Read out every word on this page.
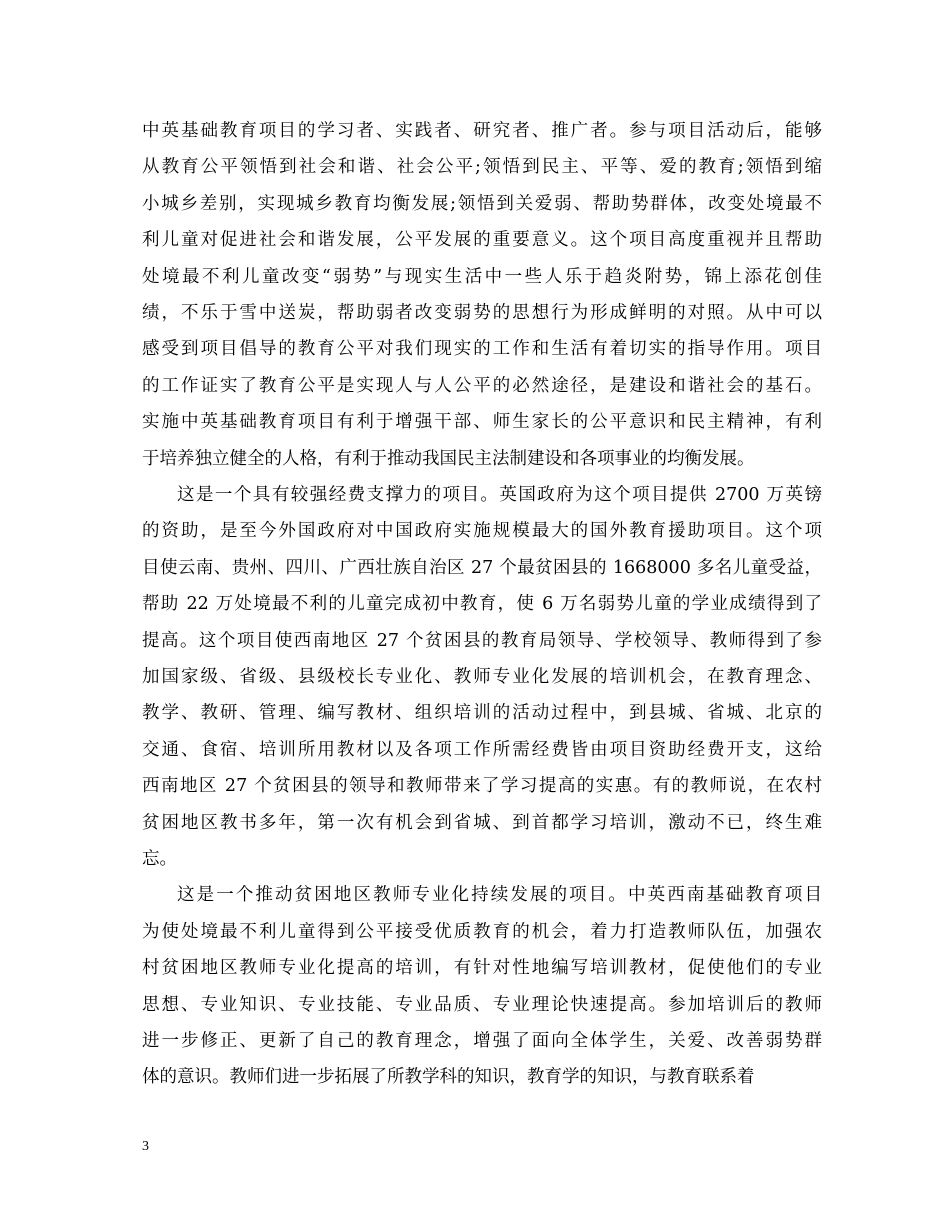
中英基础教育项目的学习者、实践者、研究者、推广者。参与项目活动后，能够
从教育公平领悟到社会和谐、社会公平;领悟到民主、平等、爱的教育;领悟到缩
小城乡差别，实现城乡教育均衡发展;领悟到关爱弱、帮助势群体，改变处境最不
利儿童对促进社会和谐发展，公平发展的重要意义。这个项目高度重视并且帮助
处境最不利儿童改变“弱势”与现实生活中一些人乐于趋炎附势，锦上添花创佳
绩，不乐于雪中送炭，帮助弱者改变弱势的思想行为形成鲜明的对照。从中可以
感受到项目倡导的教育公平对我们现实的工作和生活有着切实的指导作用。项目
的工作证实了教育公平是实现人与人公平的必然途径，是建设和谐社会的基石。
实施中英基础教育项目有利于增强干部、师生家长的公平意识和民主精神，有利
于培养独立健全的人格，有利于推动我国民主法制建设和各项事业的均衡发展。
这是一个具有较强经费支撑力的项目。英国政府为这个项目提供 2700 万英镑
的资助，是至今外国政府对中国政府实施规模最大的国外教育援助项目。这个项
目使云南、贵州、四川、广西壮族自治区 27 个最贫困县的 1668000 多名儿童受益，
帮助 22 万处境最不利的儿童完成初中教育，使 6 万名弱势儿童的学业成绩得到了
提高。这个项目使西南地区 27 个贫困县的教育局领导、学校领导、教师得到了参
加国家级、省级、县级校长专业化、教师专业化发展的培训机会，在教育理念、
教学、教研、管理、编写教材、组织培训的活动过程中，到县城、省城、北京的
交通、食宿、培训所用教材以及各项工作所需经费皆由项目资助经费开支，这给
西南地区 27 个贫困县的领导和教师带来了学习提高的实惠。有的教师说，在农村
贫困地区教书多年，第一次有机会到省城、到首都学习培训，激动不已，终生难
忘。
这是一个推动贫困地区教师专业化持续发展的项目。中英西南基础教育项目
为使处境最不利儿童得到公平接受优质教育的机会，着力打造教师队伍，加强农
村贫困地区教师专业化提高的培训，有针对性地编写培训教材，促使他们的专业
思想、专业知识、专业技能、专业品质、专业理论快速提高。参加培训后的教师
进一步修正、更新了自己的教育理念，增强了面向全体学生，关爱、改善弱势群
体的意识。教师们进一步拓展了所教学科的知识，教育学的知识，与教育联系着
3
